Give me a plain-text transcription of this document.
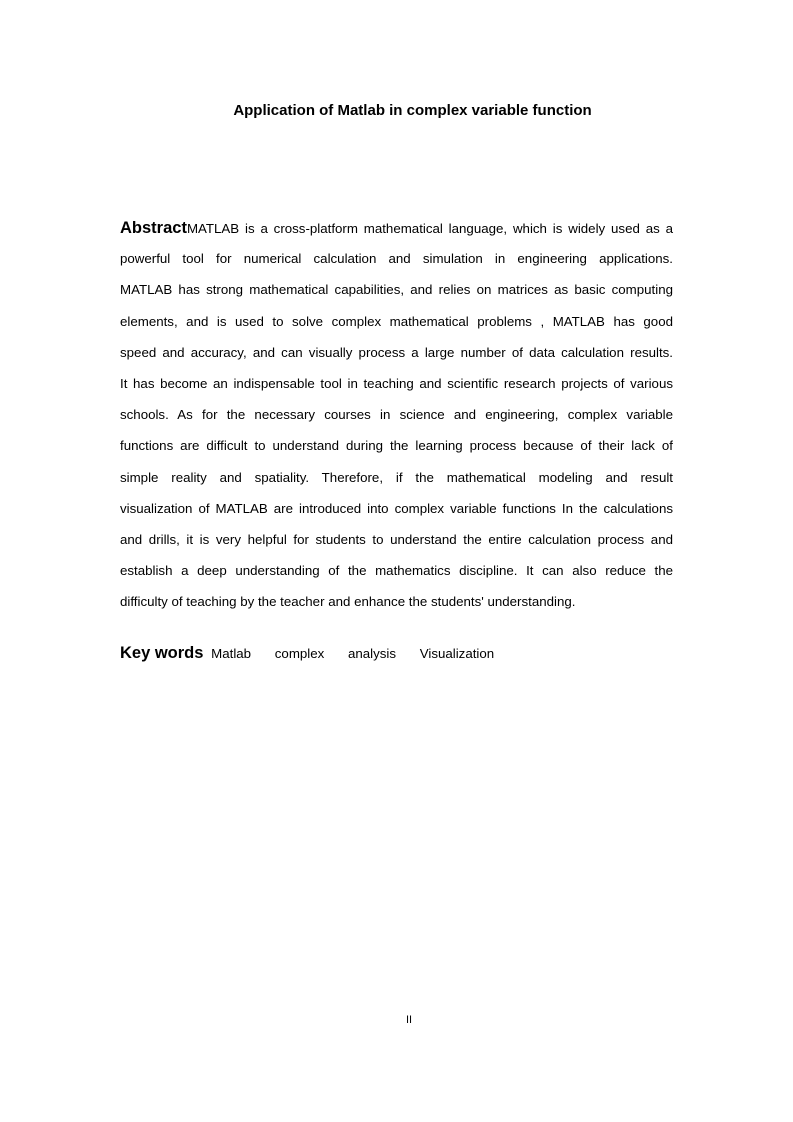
Application of Matlab in complex variable function
AbstractMATLAB is a cross-platform mathematical language, which is widely used as a
powerful tool for numerical calculation and simulation in engineering applications.
MATLAB has strong mathematical capabilities, and relies on matrices as basic computing
elements, and is used to solve complex mathematical problems , MATLAB has good
speed and accuracy, and can visually process a large number of data calculation results.
It has become an indispensable tool in teaching and scientific research projects of various
schools. As for the necessary courses in science and engineering, complex variable
functions are difficult to understand during the learning process because of their lack of
simple reality and spatiality. Therefore, if the mathematical modeling and result
visualization of MATLAB are introduced into complex variable functions In the calculations
and drills, it is very helpful for students to understand the entire calculation process and
establish a deep understanding of the mathematics discipline. It can also reduce the
difficulty of teaching by the teacher and enhance the students' understanding.
Key words Matlab complex analysis Visualization
II
